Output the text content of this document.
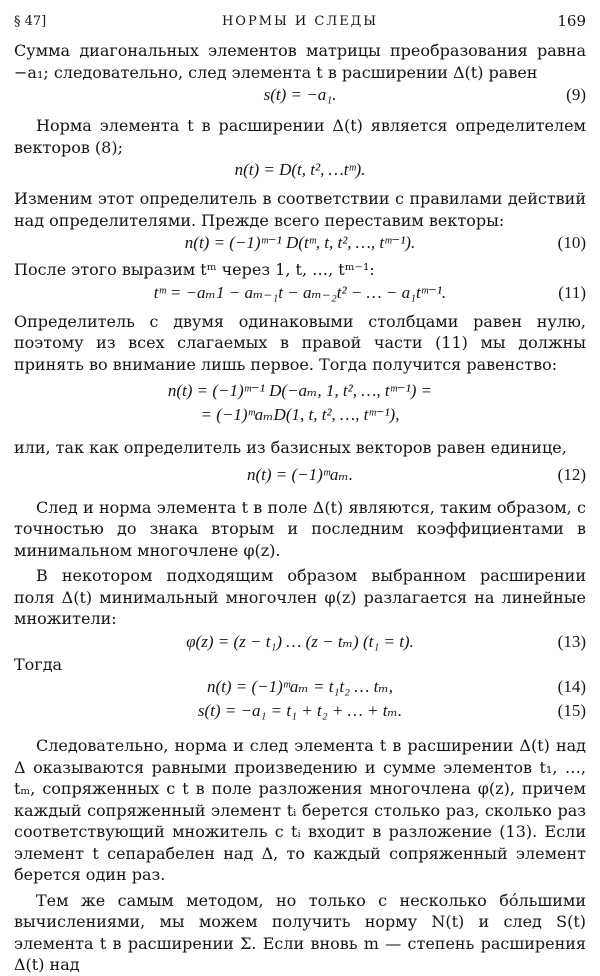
§ 47]	НОРМЫ И СЛЕДЫ	169

Сумма диагональных элементов матрицы преобразования равна −a₁; следовательно, след элемента t в расширении Δ(t) равен

s(t) = −a₁.	(9)

Норма элемента t в расширении Δ(t) является определителем векторов (8);

n(t) = D(t, t², …tᵐ).

Изменим этот определитель в соответствии с правилами действий над определителями. Прежде всего переставим векторы:

n(t) = (−1)ᵐ⁻¹ D(tᵐ, t, t², …, tᵐ⁻¹).	(10)

После этого выразим tᵐ через 1, t, …, tᵐ⁻¹:

tᵐ = −aₘ1 − aₘ₋₁t − aₘ₋₂t² − … − a₁tᵐ⁻¹.	(11)

Определитель с двумя одинаковыми столбцами равен нулю, поэтому из всех слагаемых в правой части (11) мы должны принять во внимание лишь первое. Тогда получится равенство:

n(t) = (−1)ᵐ⁻¹ D(−aₘ, 1, t², …, tᵐ⁻¹) =
= (−1)ᵐaₘD(1, t, t², …, tᵐ⁻¹),

или, так как определитель из базисных векторов равен единице,

n(t) = (−1)ᵐaₘ.	(12)

След и норма элемента t в поле Δ(t) являются, таким образом, с точностью до знака вторым и последним коэффициентами в минимальном многочлене φ(z).

В некотором подходящим образом выбранном расширении поля Δ(t) минимальный многочлен φ(z) разлагается на линейные множители:

φ(z) = (z − t₁) … (z − tₘ) (t₁ = t).	(13)

Тогда

n(t) = (−1)ᵐaₘ = t₁t₂ … tₘ,	(14)
s(t) = −a₁ = t₁ + t₂ + … + tₘ.	(15)

Следовательно, норма и след элемента t в расширении Δ(t) над Δ оказываются равными произведению и сумме элементов t₁, …, tₘ, сопряженных с t в поле разложения многочлена φ(z), причем каждый сопряженный элемент tᵢ берется столько раз, сколько раз соответствующий множитель с tᵢ входит в разложение (13). Если элемент t сепарабелен над Δ, то каждый сопряженный элемент берется один раз.

Тем же самым методом, но только с несколько бо́льшими вычислениями, мы можем получить норму N(t) и след S(t) элемента t в расширении Σ. Если вновь m — степень расширения Δ(t) над
